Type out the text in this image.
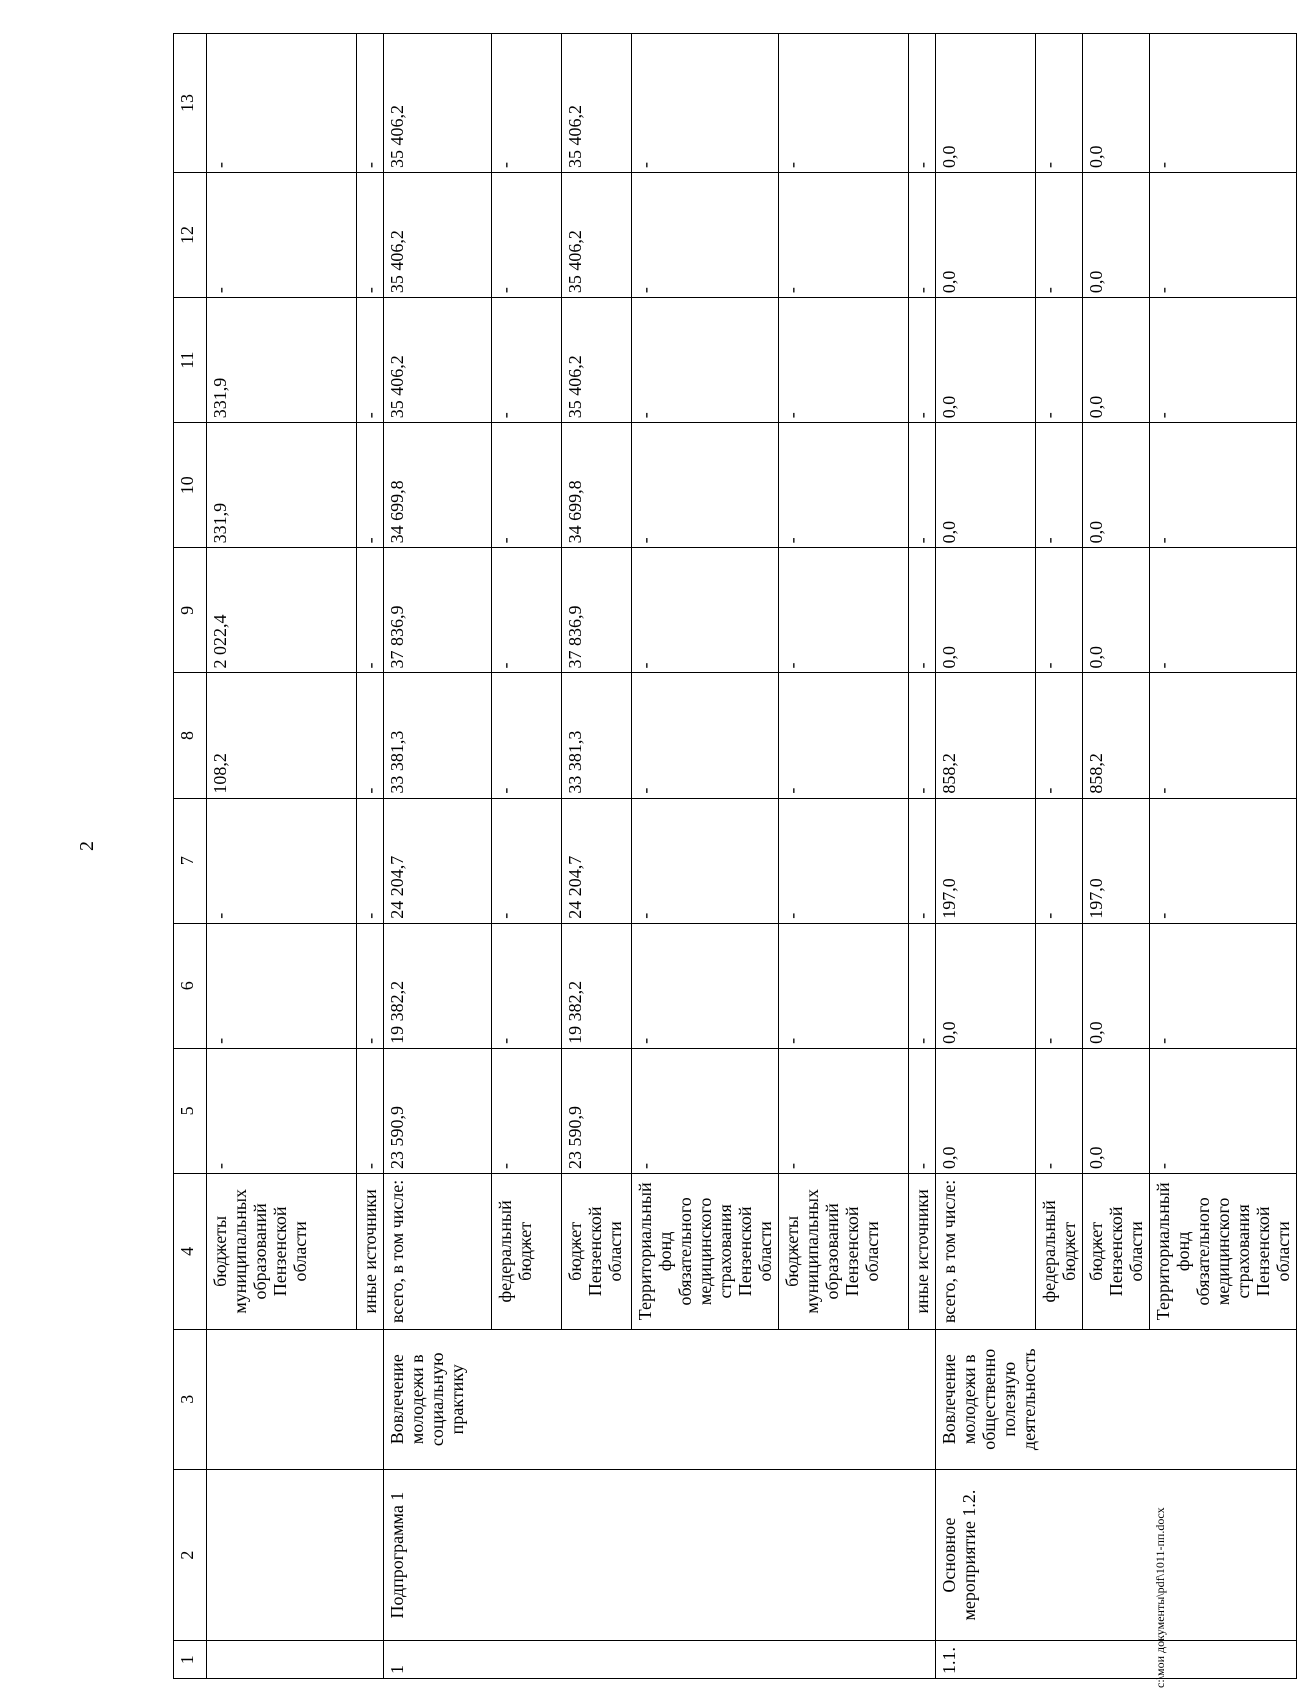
2
1	2	3	4	5	6	7	8	9	10	11	12	13
			бюджеты муниципальных образований Пензенской области	-	-	-	108,2	2 022,4	331,9	331,9	-	-
			иные источники	-	-	-	-	-	-	-	-	-
1	Подпрограмма 1	Вовлечение молодежи в социальную практику	всего, в том числе:	23 590,9	19 382,2	24 204,7	33 381,3	37 836,9	34 699,8	35 406,2	35 406,2	35 406,2
			федеральный бюджет	-	-	-	-	-	-	-	-	-
			бюджет Пензенской области	23 590,9	19 382,2	24 204,7	33 381,3	37 836,9	34 699,8	35 406,2	35 406,2	35 406,2
			Территориальный фонд обязательного медицинского страхования Пензенской области	-	-	-	-	-	-	-	-	-
			бюджеты муниципальных образований Пензенской области	-	-	-	-	-	-	-	-	-
			иные источники	-	-	-	-	-	-	-	-	-
1.1.	Основное мероприятие 1.2.	Вовлечение молодежи в общественно полезную деятельность	всего, в том числе:	0,0	0,0	197,0	858,2	0,0	0,0	0,0	0,0	0,0
			федеральный бюджет	-	-	-	-	-	-	-	-	-
			бюджет Пензенской области	0,0	0,0	197,0	858,2	0,0	0,0	0,0	0,0	0,0
			Территориальный фонд обязательного медицинского страхования Пензенской области	-	-	-	-	-	-	-	-	-
c:\мои документы\pdf\1011-пп.docx
